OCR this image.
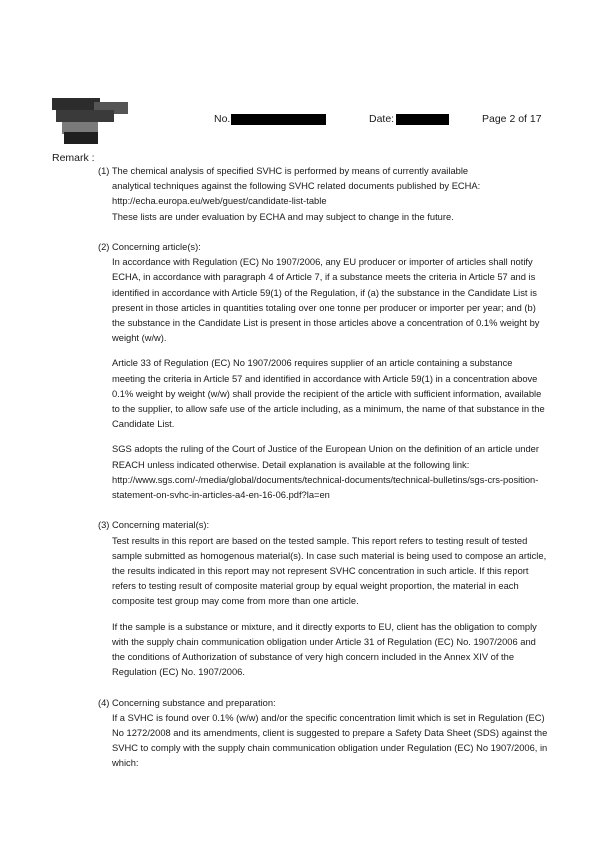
No.	Date:	Page 2 of 17
Remark :

(1) The chemical analysis of specified SVHC is performed by means of currently available

analytical techniques against the following SVHC related documents published by ECHA:

http://echa.europa.eu/web/guest/candidate-list-table

These lists are under evaluation by ECHA and may subject to change in the future.

(2) Concerning article(s):

In accordance with Regulation (EC) No 1907/2006, any EU producer or importer of articles shall notify ECHA, in accordance with paragraph 4 of Article 7, if a substance meets the criteria in Article 57 and is identified in accordance with Article 59(1) of the Regulation, if (a) the substance in the Candidate List is present in those articles in quantities totaling over one tonne per producer or importer per year; and (b) the substance in the Candidate List is present in those articles above a concentration of 0.1% weight by weight (w/w).

Article 33 of Regulation (EC) No 1907/2006 requires supplier of an article containing a substance meeting the criteria in Article 57 and identified in accordance with Article 59(1) in a concentration above 0.1% weight by weight (w/w) shall provide the recipient of the article with sufficient information, available to the supplier, to allow safe use of the article including, as a minimum, the name of that substance in the Candidate List.

SGS adopts the ruling of the Court of Justice of the European Union on the definition of an article under REACH unless indicated otherwise. Detail explanation is available at the following link:

http://www.sgs.com/-/media/global/documents/technical-documents/technical-bulletins/sgs-crs-position-statement-on-svhc-in-articles-a4-en-16-06.pdf?la=en

(3) Concerning material(s):

Test results in this report are based on the tested sample. This report refers to testing result of tested sample submitted as homogenous material(s). In case such material is being used to compose an article, the results indicated in this report may not represent SVHC concentration in such article. If this report refers to testing result of composite material group by equal weight proportion, the material in each composite test group may come from more than one article.

If the sample is a substance or mixture, and it directly exports to EU, client has the obligation to comply with the supply chain communication obligation under Article 31 of Regulation (EC) No. 1907/2006 and the conditions of Authorization of substance of very high concern included in the Annex XIV of the Regulation (EC) No. 1907/2006.

(4) Concerning substance and preparation:

If a SVHC is found over 0.1% (w/w) and/or the specific concentration limit which is set in Regulation (EC) No 1272/2008 and its amendments, client is suggested to prepare a Safety Data Sheet (SDS) against the SVHC to comply with the supply chain communication obligation under Regulation (EC) No 1907/2006, in which:
